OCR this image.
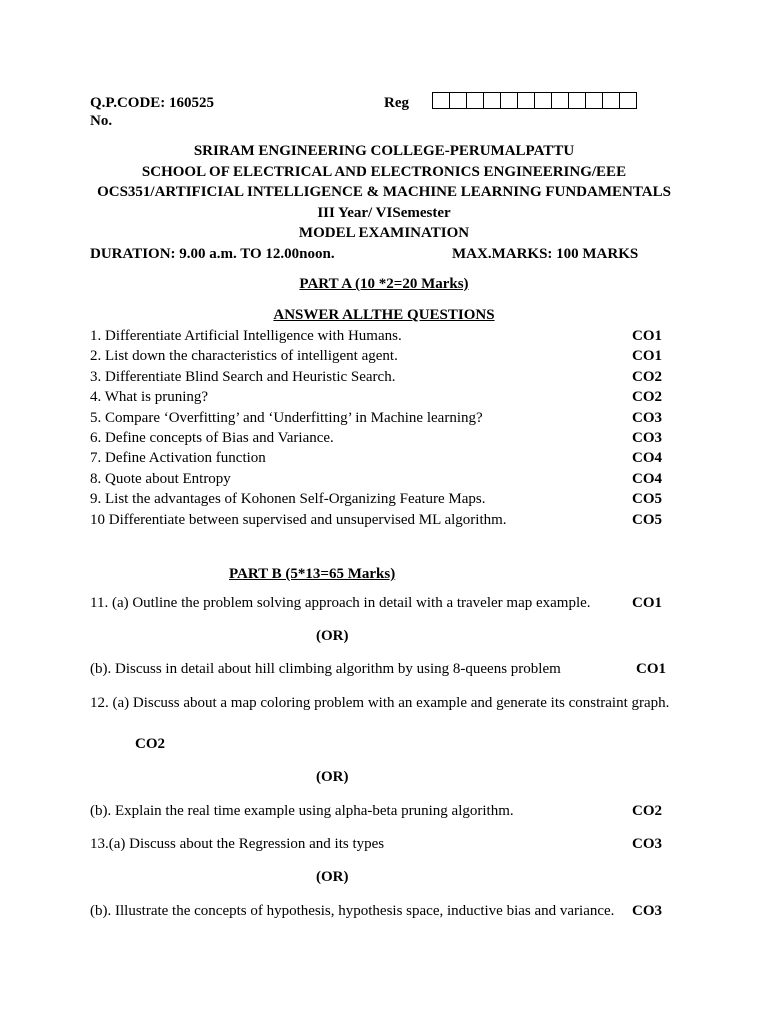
Q.P.CODE: 160525	Reg
No.
SRIRAM ENGINEERING COLLEGE-PERUMALPATTU
SCHOOL OF ELECTRICAL AND ELECTRONICS ENGINEERING/EEE
OCS351/ARTIFICIAL INTELLIGENCE & MACHINE LEARNING FUNDAMENTALS
III Year/ VISemester
MODEL EXAMINATION
DURATION: 9.00 a.m. TO 12.00noon.	MAX.MARKS: 100 MARKS
PART A (10 *2=20 Marks)
ANSWER ALLTHE QUESTIONS
1. Differentiate Artificial Intelligence with Humans.	CO1
2. List down the characteristics of intelligent agent.	CO1
3. Differentiate Blind Search and Heuristic Search.	CO2
4. What is pruning?	CO2
5. Compare ‘Overfitting’ and ‘Underfitting’ in Machine learning?	CO3
6. Define concepts of Bias and Variance.	CO3
7. Define Activation function	CO4
8. Quote about Entropy	CO4
9. List the advantages of Kohonen Self-Organizing Feature Maps.	CO5
10 Differentiate between supervised and unsupervised ML algorithm.	CO5
PART B (5*13=65 Marks)
11. (a) Outline the problem solving approach in detail with a traveler map example.	CO1
(OR)
(b). Discuss in detail about hill climbing algorithm by using 8-queens problem	CO1
12. (a) Discuss about a map coloring problem with an example and generate its constraint graph.
CO2
(OR)
(b). Explain the real time example using alpha-beta pruning algorithm.	CO2
13.(a) Discuss about the Regression and its types	CO3
(OR)
(b). Illustrate the concepts of hypothesis, hypothesis space, inductive bias and variance. CO3
